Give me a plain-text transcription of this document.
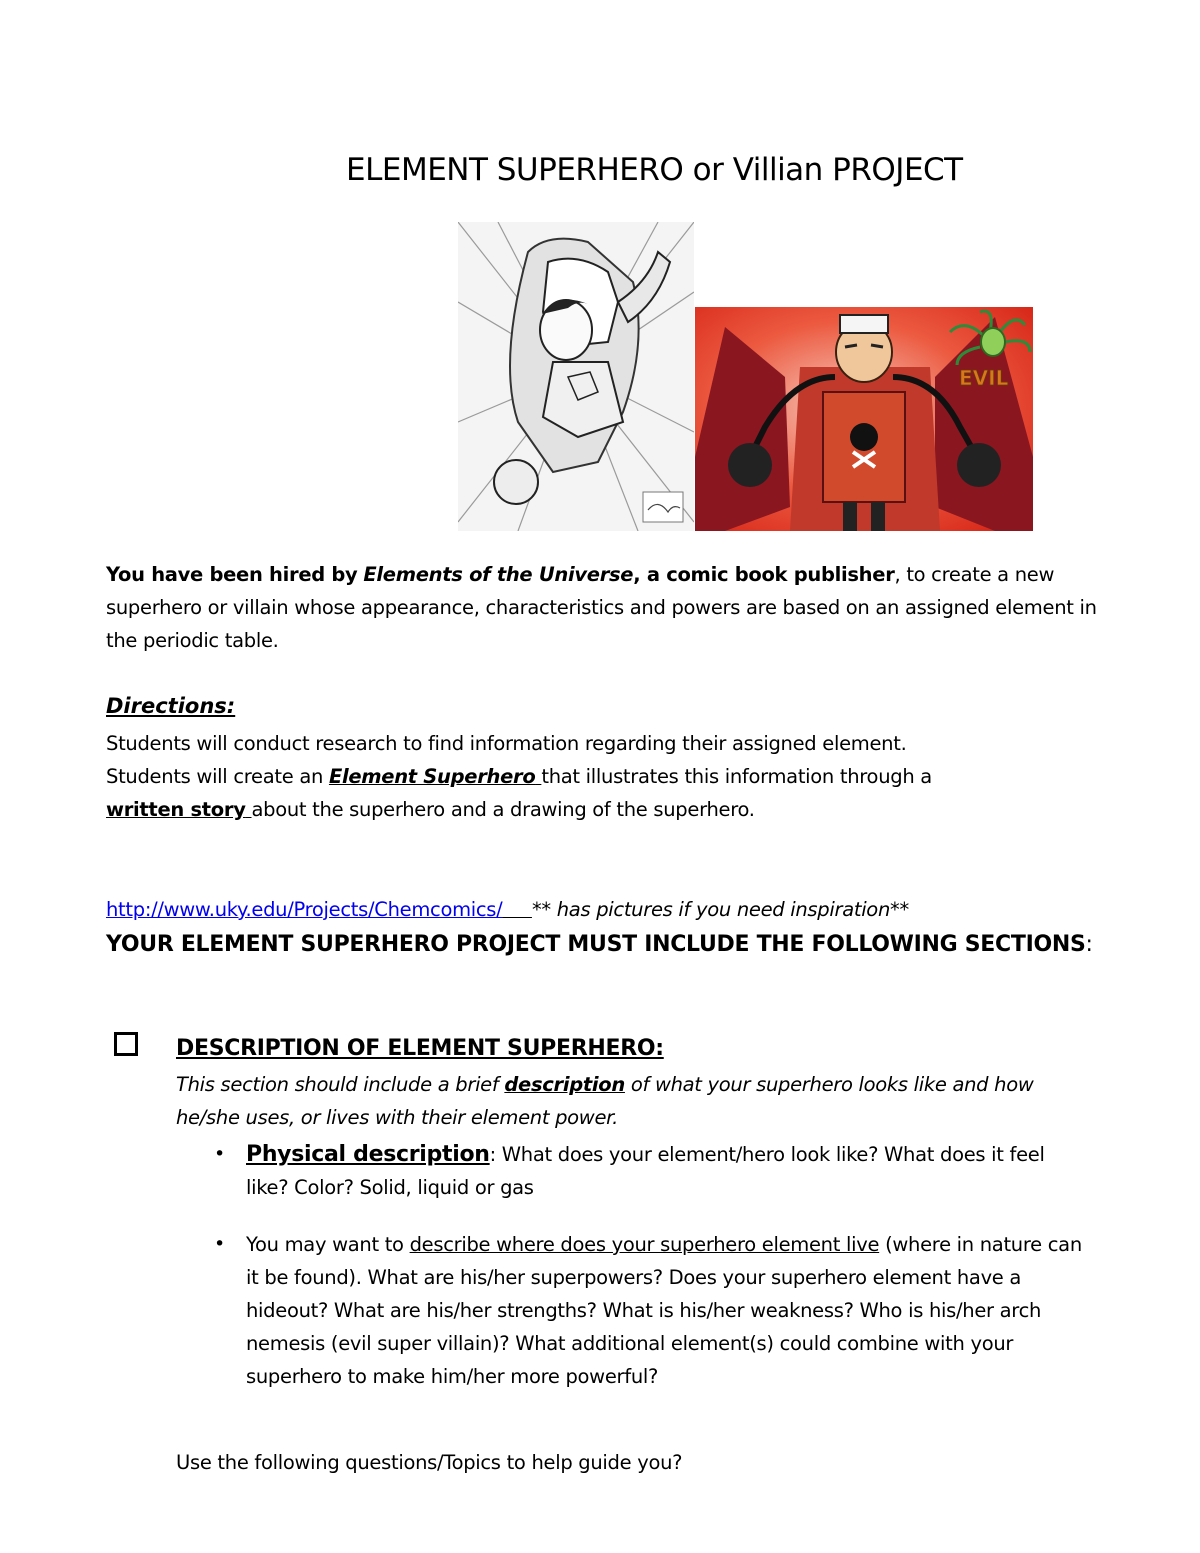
ELEMENT SUPERHERO or Villian PROJECT
EVIL
You have been hired by Elements of the Universe, a comic book publisher, to create a new superhero or villain whose appearance, characteristics and powers are based on an assigned element in the periodic table.
Directions:
Students will conduct research to find information regarding their assigned element.
Students will create an Element Superhero that illustrates this information through a
written story about the superhero and a drawing of the superhero.
http://www.uky.edu/Projects/Chemcomics/ ** has pictures if you need inspiration**
YOUR ELEMENT SUPERHERO PROJECT MUST INCLUDE THE FOLLOWING SECTIONS:
DESCRIPTION OF ELEMENT SUPERHERO:
This section should include a brief description of what your superhero looks like and how he/she uses, or lives with their element power.
• Physical description: What does your element/hero look like? What does it feel like? Color? Solid, liquid or gas
• You may want to describe where does your superhero element live (where in nature can it be found). What are his/her superpowers? Does your superhero element have a hideout? What are his/her strengths? What is his/her weakness? Who is his/her arch nemesis (evil super villain)? What additional element(s) could combine with your superhero to make him/her more powerful?
Use the following questions/Topics to help guide you?
